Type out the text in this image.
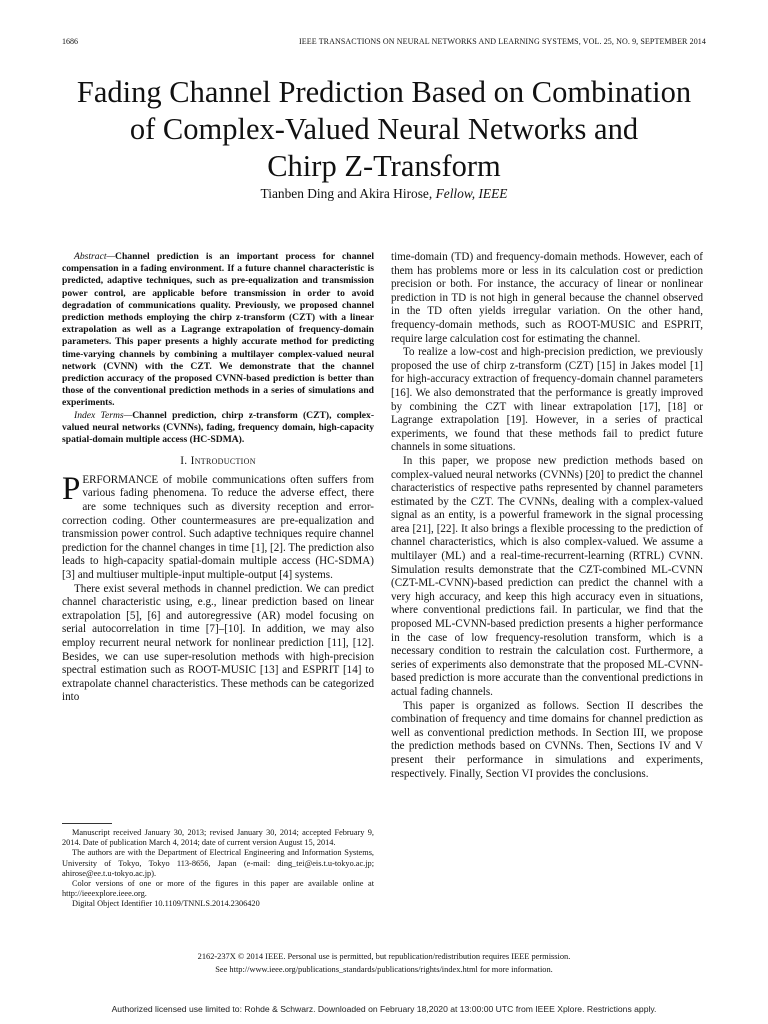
1686	IEEE TRANSACTIONS ON NEURAL NETWORKS AND LEARNING SYSTEMS, VOL. 25, NO. 9, SEPTEMBER 2014
Fading Channel Prediction Based on Combination
of Complex-Valued Neural Networks and
Chirp Z-Transform
Tianben Ding and Akira Hirose, Fellow, IEEE

Abstract—Channel prediction is an important process for channel compensation in a fading environment. If a future channel characteristic is predicted, adaptive techniques, such as pre-equalization and transmission power control, are applicable before transmission in order to avoid degradation of communications quality. Previously, we proposed channel prediction methods employing the chirp z-transform (CZT) with a linear extrapolation as well as a Lagrange extrapolation of frequency-domain parameters. This paper presents a highly accurate method for predicting time-varying channels by combining a multilayer complex-valued neural network (CVNN) with the CZT. We demonstrate that the channel prediction accuracy of the proposed CVNN-based prediction is better than those of the conventional prediction methods in a series of simulations and experiments.

Index Terms—Channel prediction, chirp z-transform (CZT), complex-valued neural networks (CVNNs), fading, frequency domain, high-capacity spatial-domain multiple access (HC-SDMA).

I. Introduction

PERFORMANCE of mobile communications often suffers from various fading phenomena. To reduce the adverse effect, there are some techniques such as diversity reception and error-correction coding. Other countermeasures are pre-equalization and transmission power control. Such adaptive techniques require channel prediction for the channel changes in time [1], [2]. The prediction also leads to high-capacity spatial-domain multiple access (HC-SDMA) [3] and multiuser multiple-input multiple-output [4] systems.

There exist several methods in channel prediction. We can predict channel characteristic using, e.g., linear prediction based on linear extrapolation [5], [6] and autoregressive (AR) model focusing on serial autocorrelation in time [7]–[10]. In addition, we may also employ recurrent neural network for nonlinear prediction [11], [12]. Besides, we can use super-resolution methods with high-precision spectral estimation such as ROOT-MUSIC [13] and ESPRIT [14] to extrapolate channel characteristics. These methods can be categorized into

Manuscript received January 30, 2013; revised January 30, 2014; accepted February 9, 2014. Date of publication March 4, 2014; date of current version August 15, 2014.

The authors are with the Department of Electrical Engineering and Information Systems, University of Tokyo, Tokyo 113-8656, Japan (e-mail: ding_tei@eis.t.u-tokyo.ac.jp; ahirose@ee.t.u-tokyo.ac.jp).

Color versions of one or more of the figures in this paper are available online at http://ieeexplore.ieee.org.

Digital Object Identifier 10.1109/TNNLS.2014.2306420

time-domain (TD) and frequency-domain methods. However, each of them has problems more or less in its calculation cost or prediction precision or both. For instance, the accuracy of linear or nonlinear prediction in TD is not high in general because the channel observed in the TD often yields irregular variation. On the other hand, frequency-domain methods, such as ROOT-MUSIC and ESPRIT, require large calculation cost for estimating the channel.

To realize a low-cost and high-precision prediction, we previously proposed the use of chirp z-transform (CZT) [15] in Jakes model [1] for high-accuracy extraction of frequency-domain channel parameters [16]. We also demonstrated that the performance is greatly improved by combining the CZT with linear extrapolation [17], [18] or Lagrange extrapolation [19]. However, in a series of practical experiments, we found that these methods fail to predict future channels in some situations.

In this paper, we propose new prediction methods based on complex-valued neural networks (CVNNs) [20] to predict the channel characteristics of respective paths represented by channel parameters estimated by the CZT. The CVNNs, dealing with a complex-valued signal as an entity, is a powerful framework in the signal processing area [21], [22]. It also brings a flexible processing to the prediction of channel characteristics, which is also complex-valued. We assume a multilayer (ML) and a real-time-recurrent-learning (RTRL) CVNN. Simulation results demonstrate that the CZT-combined ML-CVNN (CZT-ML-CVNN)-based prediction can predict the channel with a very high accuracy, and keep this high accuracy even in situations, where conventional predictions fail. In particular, we find that the proposed ML-CVNN-based prediction presents a higher performance in the case of low frequency-resolution transform, which is a necessary condition to restrain the calculation cost. Furthermore, a series of experiments also demonstrate that the proposed ML-CVNN-based prediction is more accurate than the conventional predictions in actual fading channels.

This paper is organized as follows. Section II describes the combination of frequency and time domains for channel prediction as well as conventional prediction methods. In Section III, we propose the prediction methods based on CVNNs. Then, Sections IV and V present their performance in simulations and experiments, respectively. Finally, Section VI provides the conclusions.

2162-237X © 2014 IEEE. Personal use is permitted, but republication/redistribution requires IEEE permission.
See http://www.ieee.org/publications_standards/publications/rights/index.html for more information.
Authorized licensed use limited to: Rohde & Schwarz. Downloaded on February 18,2020 at 13:00:00 UTC from IEEE Xplore. Restrictions apply.
